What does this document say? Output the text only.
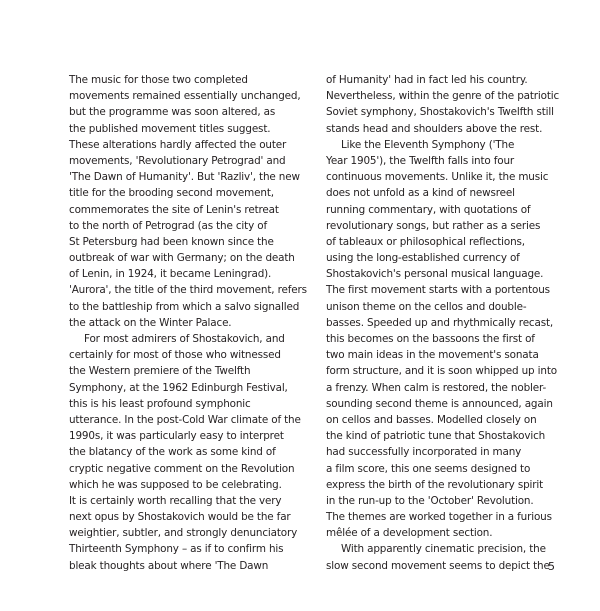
The music for those two completed
movements remained essentially unchanged,
but the programme was soon altered, as
the published movement titles suggest.
These alterations hardly affected the outer
movements, 'Revolutionary Petrograd' and
'The Dawn of Humanity'. But 'Razliv', the new
title for the brooding second movement,
commemorates the site of Lenin's retreat
to the north of Petrograd (as the city of
St Petersburg had been known since the
outbreak of war with Germany; on the death
of Lenin, in 1924, it became Leningrad).
'Aurora', the title of the third movement, refers
to the battleship from which a salvo signalled
the attack on the Winter Palace.
For most admirers of Shostakovich, and
certainly for most of those who witnessed
the Western premiere of the Twelfth
Symphony, at the 1962 Edinburgh Festival,
this is his least profound symphonic
utterance. In the post-Cold War climate of the
1990s, it was particularly easy to interpret
the blatancy of the work as some kind of
cryptic negative comment on the Revolution
which he was supposed to be celebrating.
It is certainly worth recalling that the very
next opus by Shostakovich would be the far
weightier, subtler, and strongly denunciatory
Thirteenth Symphony – as if to confirm his
bleak thoughts about where 'The Dawn
of Humanity' had in fact led his country.
Nevertheless, within the genre of the patriotic
Soviet symphony, Shostakovich's Twelfth still
stands head and shoulders above the rest.
Like the Eleventh Symphony ('The
Year 1905'), the Twelfth falls into four
continuous movements. Unlike it, the music
does not unfold as a kind of newsreel
running commentary, with quotations of
revolutionary songs, but rather as a series
of tableaux or philosophical reflections,
using the long-established currency of
Shostakovich's personal musical language.
The first movement starts with a portentous
unison theme on the cellos and double-
basses. Speeded up and rhythmically recast,
this becomes on the bassoons the first of
two main ideas in the movement's sonata
form structure, and it is soon whipped up into
a frenzy. When calm is restored, the nobler-
sounding second theme is announced, again
on cellos and basses. Modelled closely on
the kind of patriotic tune that Shostakovich
had successfully incorporated in many
a film score, this one seems designed to
express the birth of the revolutionary spirit
in the run-up to the 'October' Revolution.
The themes are worked together in a furious
mêlée of a development section.
With apparently cinematic precision, the
slow second movement seems to depict the
5
